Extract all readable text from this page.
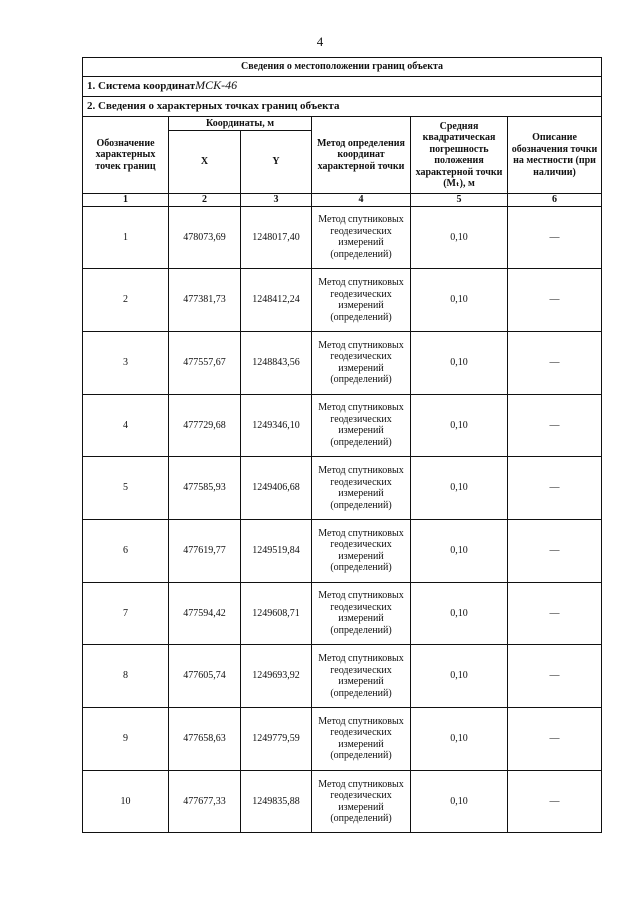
4
Сведения о местоположении границ объекта					
1. Система координатМСК-46					
2. Сведения о характерных точках границ объекта					
Обозначение характерных точек границ	Координаты, м		Метод определения координат характерной точки	Средняя квадратическая погрешность положения характерной точки (Mₜ), м	Описание обозначения точки на местности (при наличии)
	X	Y			
1	2	3	4	5	6
1	478073,69	1248017,40	Метод спутниковых геодезических измерений (определений)	0,10	—
2	477381,73	1248412,24	Метод спутниковых геодезических измерений (определений)	0,10	—
3	477557,67	1248843,56	Метод спутниковых геодезических измерений (определений)	0,10	—
4	477729,68	1249346,10	Метод спутниковых геодезических измерений (определений)	0,10	—
5	477585,93	1249406,68	Метод спутниковых геодезических измерений (определений)	0,10	—
6	477619,77	1249519,84	Метод спутниковых геодезических измерений (определений)	0,10	—
7	477594,42	1249608,71	Метод спутниковых геодезических измерений (определений)	0,10	—
8	477605,74	1249693,92	Метод спутниковых геодезических измерений (определений)	0,10	—
9	477658,63	1249779,59	Метод спутниковых геодезических измерений (определений)	0,10	—
10	477677,33	1249835,88	Метод спутниковых геодезических измерений (определений)	0,10	—
